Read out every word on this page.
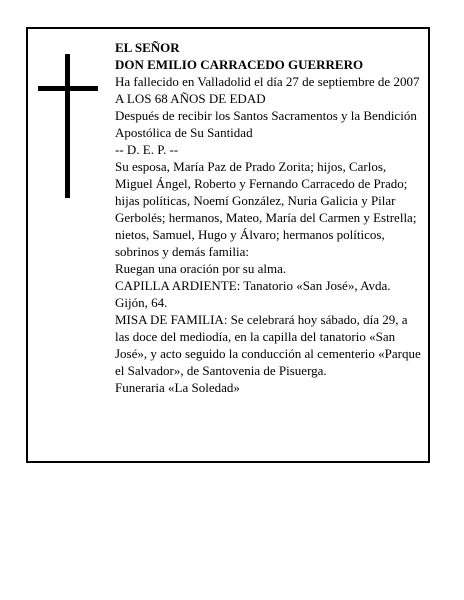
EL SEÑOR

DON EMILIO CARRACEDO GUERRERO

Ha fallecido en Valladolid el día 27 de septiembre de 2007

A LOS 68 AÑOS DE EDAD

Después de recibir los Santos Sacramentos y la Bendición Apostólica de Su Santidad

-- D. E. P. --

Su esposa, María Paz de Prado Zorita; hijos, Carlos, Miguel Ángel, Roberto y Fernando Carracedo de Prado; hijas políticas, Noemí González, Nuria Galicia y Pilar Gerbolés; hermanos, Mateo, María del Carmen y Estrella; nietos, Samuel, Hugo y Álvaro; hermanos políticos, sobrinos y demás familia:

Ruegan una oración por su alma.

CAPILLA ARDIENTE: Tanatorio «San José», Avda. Gijón, 64.

MISA DE FAMILIA: Se celebrará hoy sábado, día 29, a las doce del mediodía, en la capilla del tanatorio «San José», y acto seguido la conducción al cementerio «Parque el Salvador», de Santovenia de Pisuerga.

Funeraria «La Soledad»
